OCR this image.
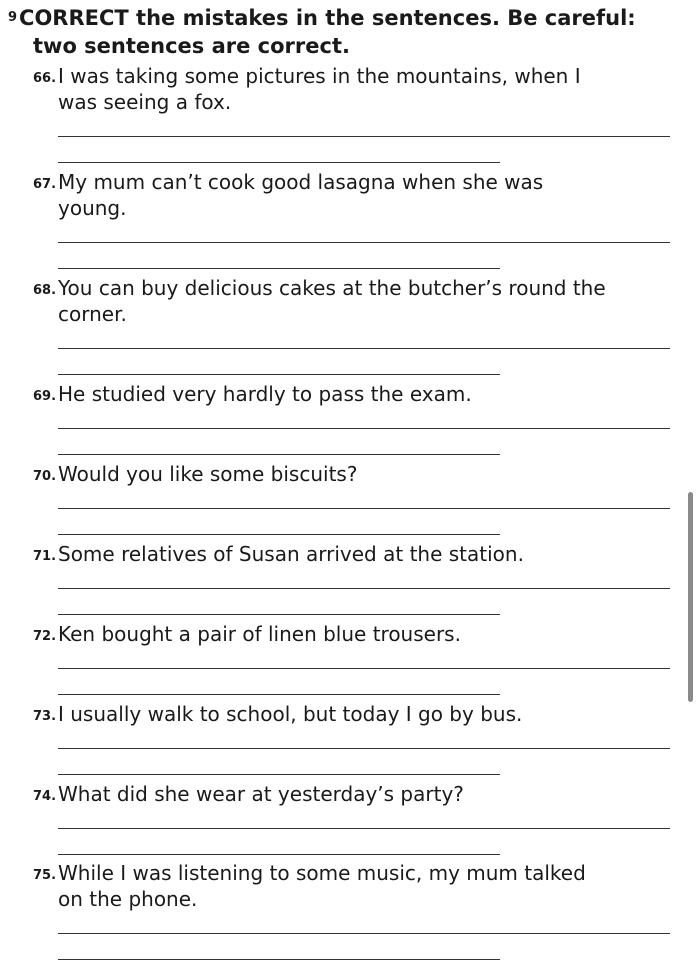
9CORRECT the mistakes in the sentences. Be careful:

two sentences are correct.

66.I was taking some pictures in the mountains, when I
was seeing a fox.
67.My mum can’t cook good lasagna when she was
young.
68.You can buy delicious cakes at the butcher’s round the
corner.
69.He studied very hardly to pass the exam.
70.Would you like some biscuits?
71.Some relatives of Susan arrived at the station.
72.Ken bought a pair of linen blue trousers.
73.I usually walk to school, but today I go by bus.
74.What did she wear at yesterday’s party?
75.While I was listening to some music, my mum talked
on the phone.
